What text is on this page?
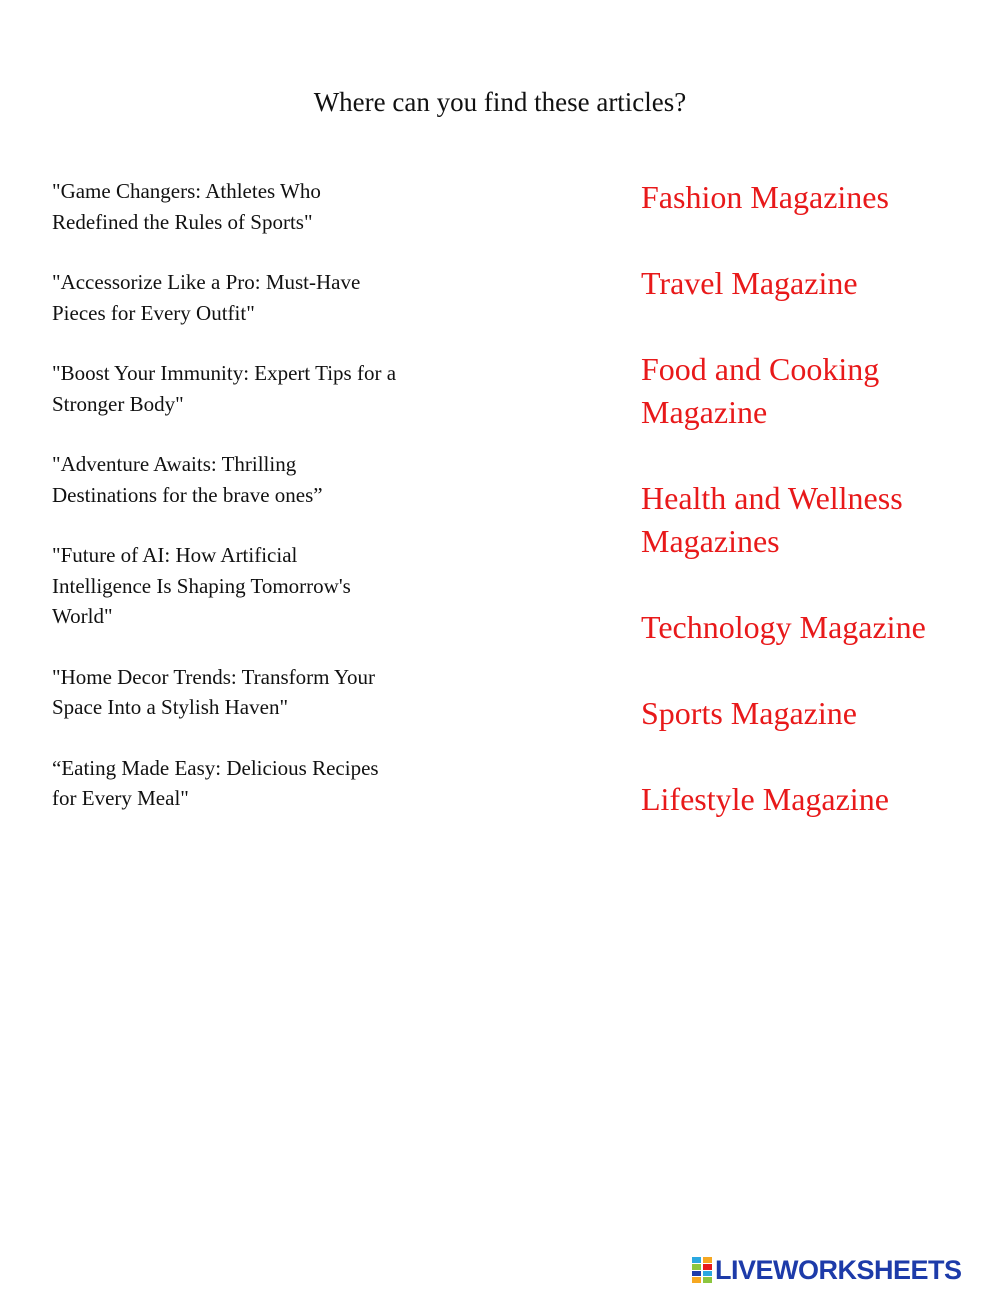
Where can you find these articles?
"Game Changers: Athletes Who Redefined the Rules of Sports"
"Accessorize Like a Pro: Must-Have Pieces for Every Outfit"
"Boost Your Immunity: Expert Tips for a Stronger Body"
"Adventure Awaits: Thrilling Destinations for the brave ones”
"Future of AI: How Artificial Intelligence Is Shaping Tomorrow's World"
"Home Decor Trends: Transform Your Space Into a Stylish Haven"
“Eating Made Easy: Delicious Recipes for Every Meal"
Fashion Magazines
Travel Magazine
Food and Cooking Magazine
Health and Wellness Magazines
Technology Magazine
Sports Magazine
Lifestyle Magazine
LIVEWORKSHEETS
